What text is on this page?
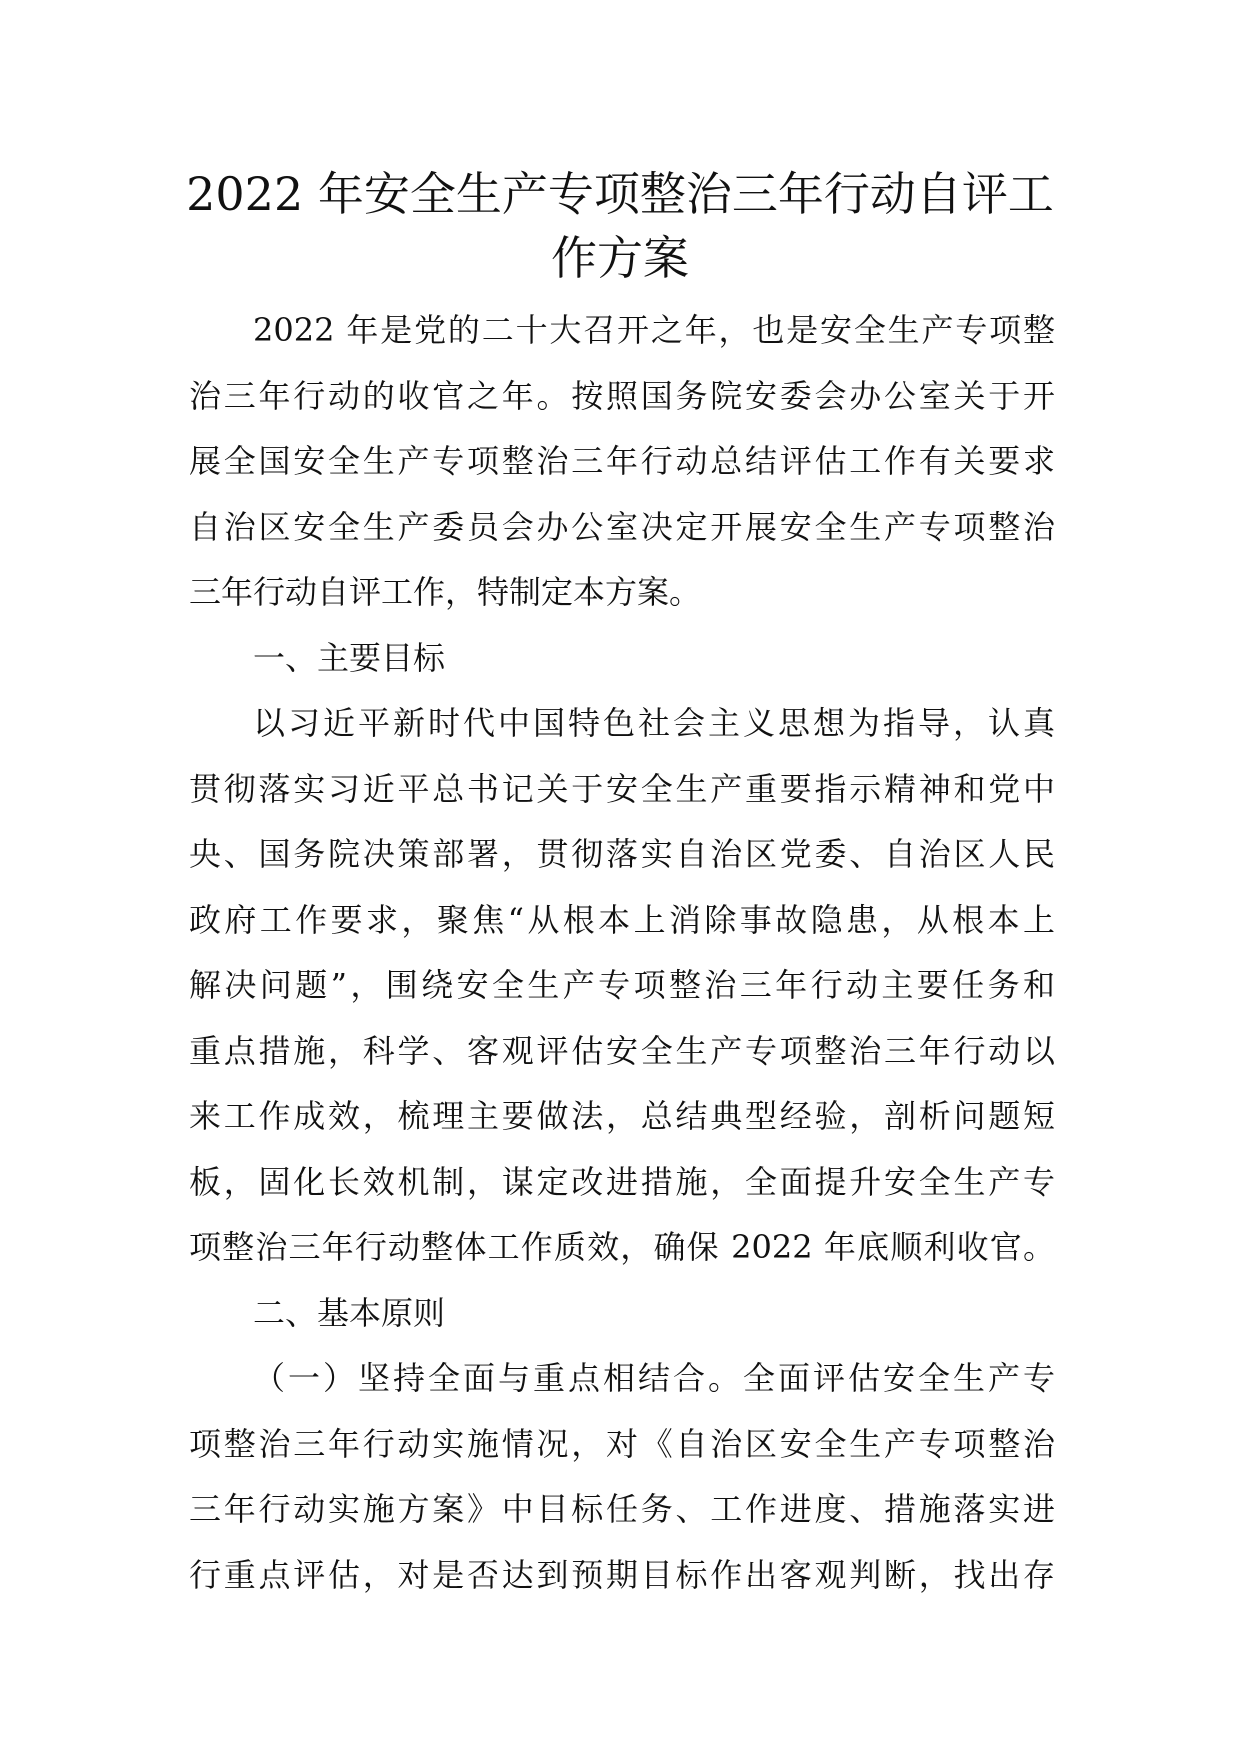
2022 年安全生产专项整治三年行动自评工
作方案
2022 年是党的二十大召开之年，也是安全生产专项整
治三年行动的收官之年。按照国务院安委会办公室关于开
展全国安全生产专项整治三年行动总结评估工作有关要求
自治区安全生产委员会办公室决定开展安全生产专项整治
三年行动自评工作，特制定本方案。
一、主要目标
以习近平新时代中国特色社会主义思想为指导，认真
贯彻落实习近平总书记关于安全生产重要指示精神和党中
央、国务院决策部署，贯彻落实自治区党委、自治区人民
政府工作要求，聚焦“从根本上消除事故隐患，从根本上
解决问题”，围绕安全生产专项整治三年行动主要任务和
重点措施，科学、客观评估安全生产专项整治三年行动以
来工作成效，梳理主要做法，总结典型经验，剖析问题短
板，固化长效机制，谋定改进措施，全面提升安全生产专
项整治三年行动整体工作质效，确保 2022 年底顺利收官。
二、基本原则
（一）坚持全面与重点相结合。全面评估安全生产专
项整治三年行动实施情况，对《自治区安全生产专项整治
三年行动实施方案》中目标任务、工作进度、措施落实进
行重点评估，对是否达到预期目标作出客观判断，找出存
